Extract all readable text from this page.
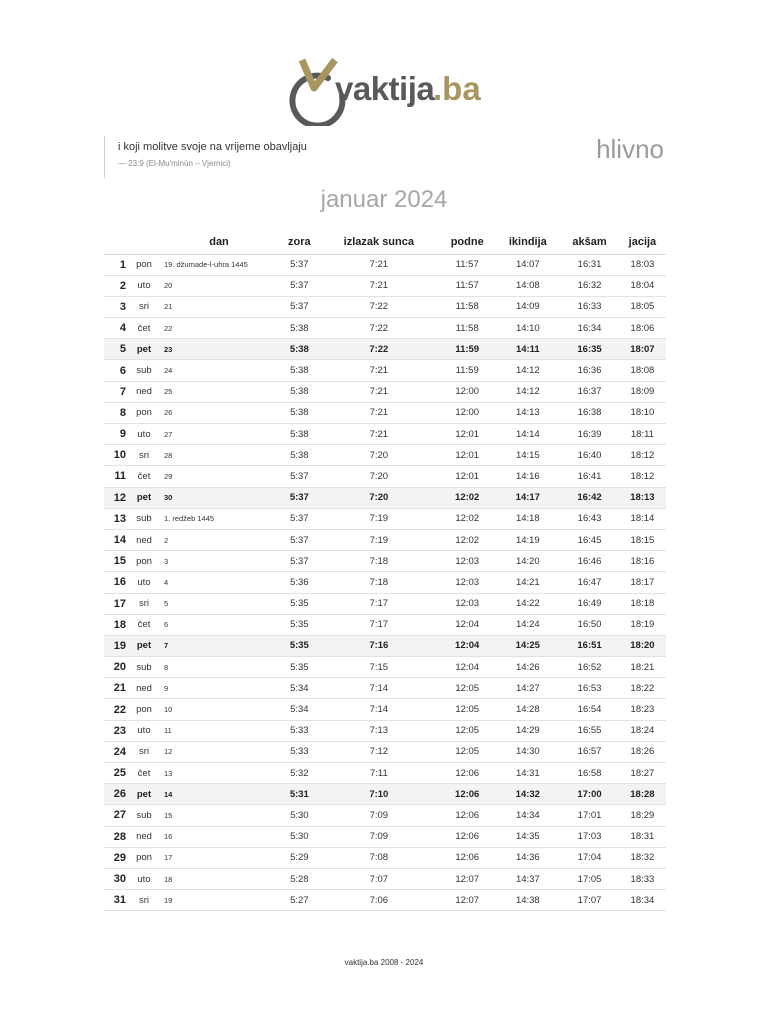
vaktija
.ba
i koji molitve svoje na vrijeme obavljaju
— 23:9 (El-Mu'minūn – Vjernici)	hlivno
januar 2024
		dan	zora	izlazak sunca	podne	ikindija	akšam	jacija
1	pon	19. džumade-l-uhra 1445	5:37	7:21	11:57	14:07	16:31	18:03
2	uto	20	5:37	7:21	11:57	14:08	16:32	18:04
3	sri	21	5:37	7:22	11:58	14:09	16:33	18:05
4	čet	22	5:38	7:22	11:58	14:10	16:34	18:06
5	pet	23	5:38	7:22	11:59	14:11	16:35	18:07
6	sub	24	5:38	7:21	11:59	14:12	16:36	18:08
7	ned	25	5:38	7:21	12:00	14:12	16:37	18:09
8	pon	26	5:38	7:21	12:00	14:13	16:38	18:10
9	uto	27	5:38	7:21	12:01	14:14	16:39	18:11
10	sri	28	5:38	7:20	12:01	14:15	16:40	18:12
11	čet	29	5:37	7:20	12:01	14:16	16:41	18:12
12	pet	30	5:37	7:20	12:02	14:17	16:42	18:13
13	sub	1. redžeb 1445	5:37	7:19	12:02	14:18	16:43	18:14
14	ned	2	5:37	7:19	12:02	14:19	16:45	18:15
15	pon	3	5:37	7:18	12:03	14:20	16:46	18:16
16	uto	4	5:36	7:18	12:03	14:21	16:47	18:17
17	sri	5	5:35	7:17	12:03	14:22	16:49	18:18
18	čet	6	5:35	7:17	12:04	14:24	16:50	18:19
19	pet	7	5:35	7:16	12:04	14:25	16:51	18:20
20	sub	8	5:35	7:15	12:04	14:26	16:52	18:21
21	ned	9	5:34	7:14	12:05	14:27	16:53	18:22
22	pon	10	5:34	7:14	12:05	14:28	16:54	18:23
23	uto	11	5:33	7:13	12:05	14:29	16:55	18:24
24	sri	12	5:33	7:12	12:05	14:30	16:57	18:26
25	čet	13	5:32	7:11	12:06	14:31	16:58	18:27
26	pet	14	5:31	7:10	12:06	14:32	17:00	18:28
27	sub	15	5:30	7:09	12:06	14:34	17:01	18:29
28	ned	16	5:30	7:09	12:06	14:35	17:03	18:31
29	pon	17	5:29	7:08	12:06	14:36	17:04	18:32
30	uto	18	5:28	7:07	12:07	14:37	17:05	18:33
31	sri	19	5:27	7:06	12:07	14:38	17:07	18:34
vaktija.ba 2008 - 2024
